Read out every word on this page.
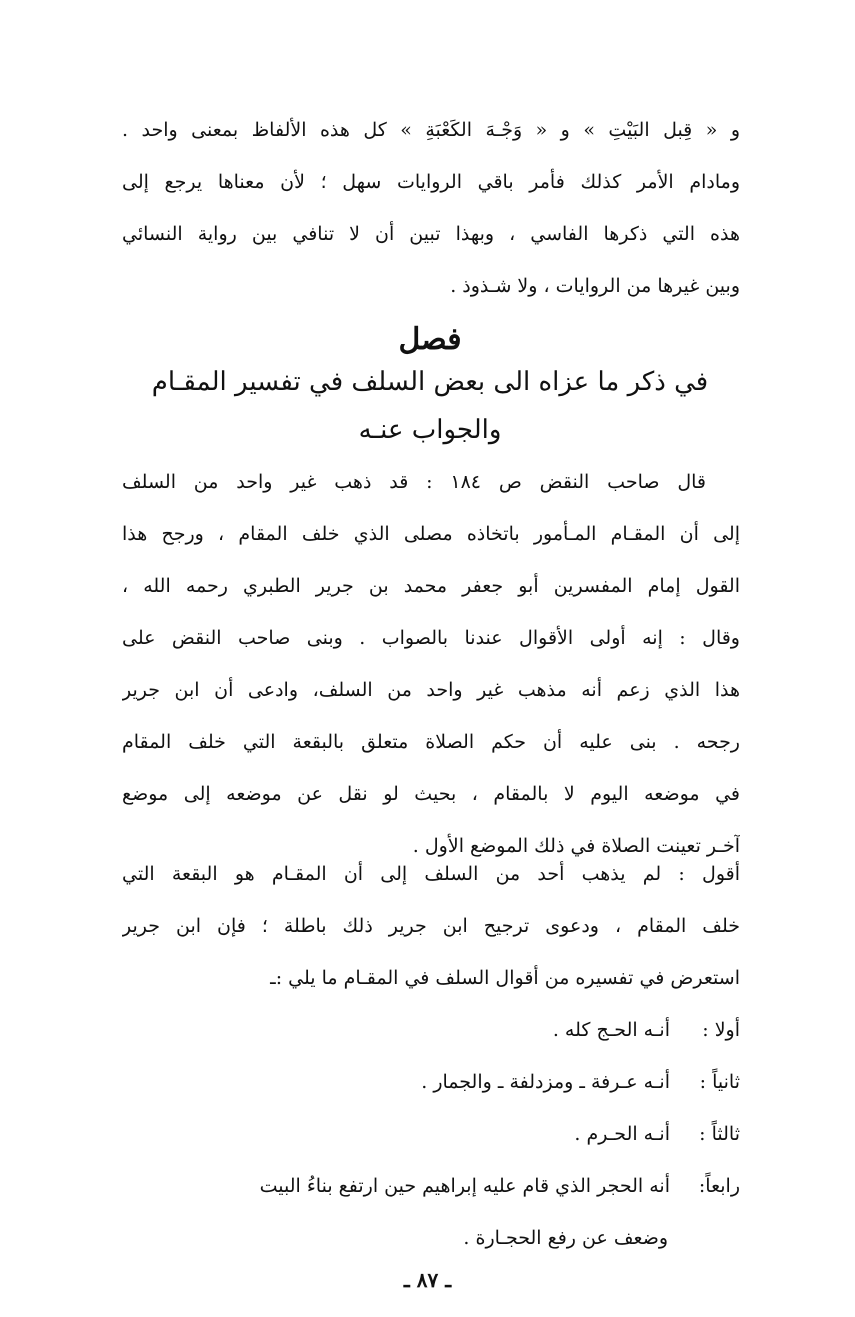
و « قِبل البَيْتِ » و « وَجْـهَ الكَعْبَةِ » كل هذه الألفاظ بمعنى واحد .
ومادام الأمر كذلك فأمر باقي الروايات سهل ؛ لأن معناها يرجع إلى
هذه التي ذكرها الفاسي ، وبهذا تبين أن لا تنافي بين رواية النسائي
وبين غيرها من الروايات ، ولا شـذوذ .
فصل
في ذكر ما عزاه الى بعض السلف في تفسير المقـام
والجواب عنـه
قال صاحب النقض ص ١٨٤ : قد ذهب غير واحد من السلف
إلى أن المقـام المـأمور باتخاذه مصلى الذي خلف المقام ، ورجح هذا
القول إمام المفسرين أبو جعفر محمد بن جرير الطبري رحمه الله ،
وقال : إنه أولى الأقوال عندنا بالصواب . وبنى صاحب النقض على
هذا الذي زعم أنه مذهب غير واحد من السلف، وادعى أن ابن جرير
رجحه . بنى عليه أن حكم الصلاة متعلق بالبقعة التي خلف المقام
في موضعه اليوم لا بالمقام ، بحيث لو نقل عن موضعه إلى موضع
آخـر تعينت الصلاة في ذلك الموضع الأول .
أقول : لم يذهب أحد من السلف إلى أن المقـام هو البقعة التي
خلف المقام ، ودعوى ترجيح ابن جرير ذلك باطلة ؛ فإن ابن جرير
استعرض في تفسيره من أقوال السلف في المقـام ما يلي :ـ
أولا :
أنـه الحـج كله .
ثانياً :
أنـه عـرفة ـ ومزدلفة ـ والجمار .
ثالثاً :
أنـه الحـرم .
رابعاً:
أنه الحجر الذي قام عليه إبراهيم حين ارتفع بناءُ البيت
وضعف عن رفع الحجـارة .
ـ ٨٧ ـ
